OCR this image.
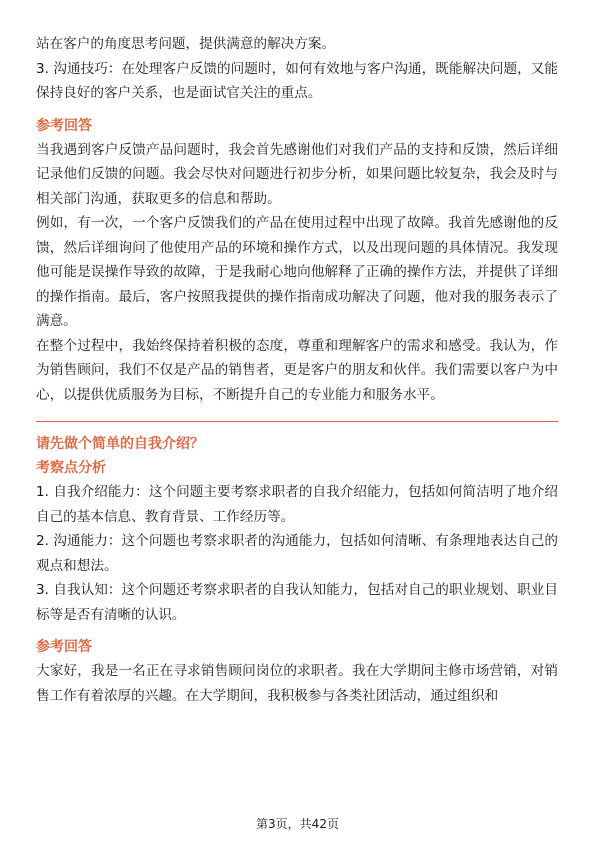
站在客户的角度思考问题，提供满意的解决方案。

3. 沟通技巧：在处理客户反馈的问题时，如何有效地与客户沟通，既能解决问题，又能保持良好的客户关系，也是面试官关注的重点。

参考回答

当我遇到客户反馈产品问题时，我会首先感谢他们对我们产品的支持和反馈，然后详细记录他们反馈的问题。我会尽快对问题进行初步分析，如果问题比较复杂，我会及时与相关部门沟通，获取更多的信息和帮助。

例如，有一次，一个客户反馈我们的产品在使用过程中出现了故障。我首先感谢他的反馈，然后详细询问了他使用产品的环境和操作方式，以及出现问题的具体情况。我发现他可能是误操作导致的故障，于是我耐心地向他解释了正确的操作方法，并提供了详细的操作指南。最后，客户按照我提供的操作指南成功解决了问题，他对我的服务表示了满意。

在整个过程中，我始终保持着积极的态度，尊重和理解客户的需求和感受。我认为，作为销售顾问，我们不仅是产品的销售者，更是客户的朋友和伙伴。我们需要以客户为中心，以提供优质服务为目标，不断提升自己的专业能力和服务水平。

请先做个简单的自我介绍？

考察点分析

1. 自我介绍能力：这个问题主要考察求职者的自我介绍能力，包括如何简洁明了地介绍自己的基本信息、教育背景、工作经历等。

2. 沟通能力：这个问题也考察求职者的沟通能力，包括如何清晰、有条理地表达自己的观点和想法。

3. 自我认知：这个问题还考察求职者的自我认知能力，包括对自己的职业规划、职业目标等是否有清晰的认识。

参考回答

大家好，我是一名正在寻求销售顾问岗位的求职者。我在大学期间主修市场营销，对销售工作有着浓厚的兴趣。在大学期间，我积极参与各类社团活动，通过组织和

第3页，共42页
